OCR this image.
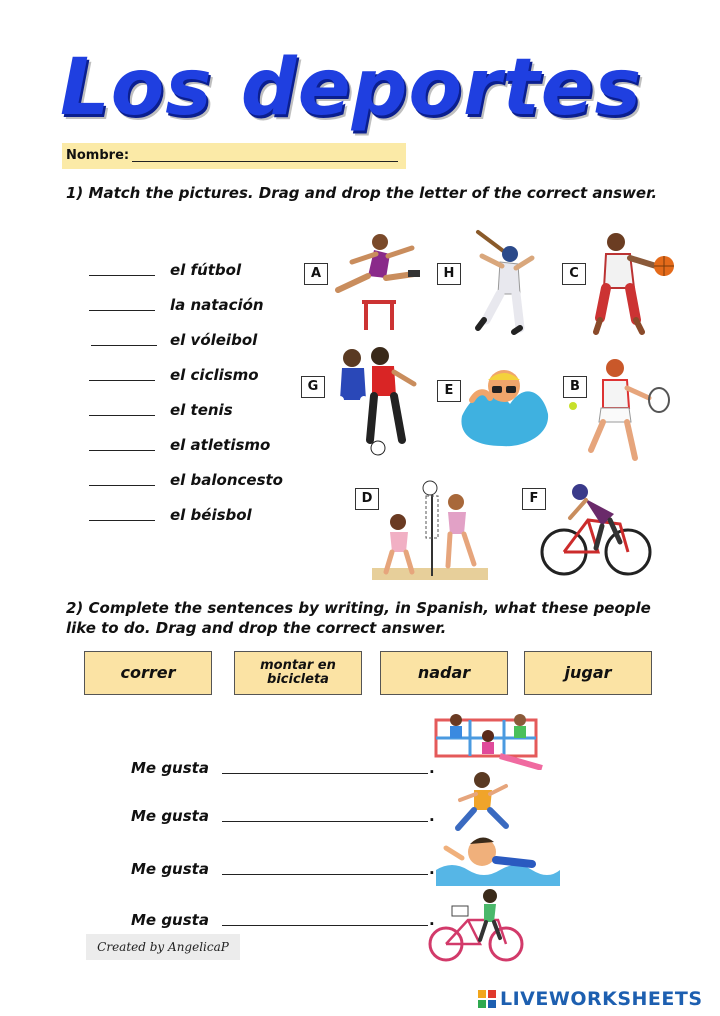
Los deportes
Nombre:
1) Match the pictures. Drag and drop the letter of the correct answer.
el fútbol
la natación
el vóleibol
el ciclismo
el tenis
el atletismo
el baloncesto
el béisbol
A	H	C
G	E	B
D	F
2) Complete the sentences by writing, in Spanish, what these people like to do. Drag and drop the correct answer.
correr	montar en bicicleta	nadar	jugar
Me gusta	.
Me gusta	.
Me gusta	.
Me gusta	.
Created by AngelicaP
LIVEWORKSHEETS
